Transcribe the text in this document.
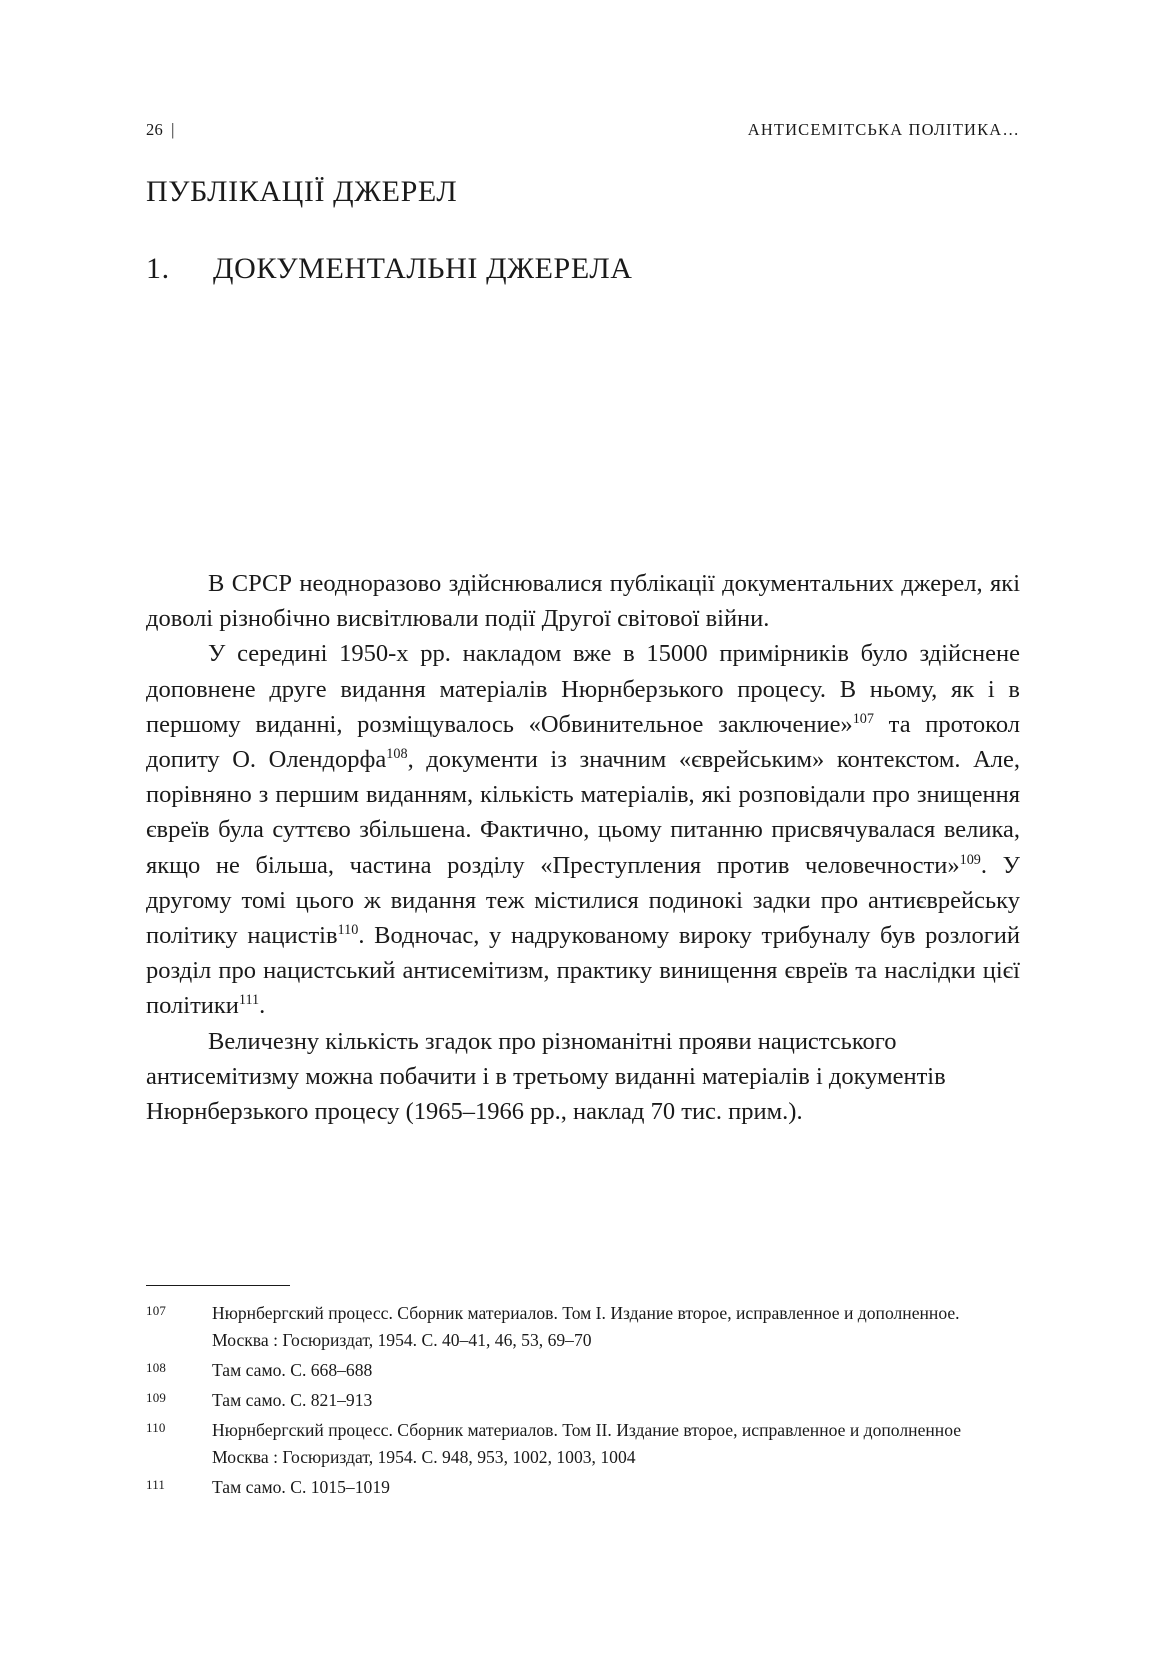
26 |	АНТИСЕМІТСЬКА ПОЛІТИКА…
ПУБЛІКАЦІЇ ДЖЕРЕЛ
1.	ДОКУМЕНТАЛЬНІ ДЖЕРЕЛА

В СРСР неодноразово здійснювалися публікації документальних джерел, які доволі різнобічно висвітлювали події Другої світової війни.

У середині 1950-х рр. накладом вже в 15000 примірників було здійснене доповнене друге видання матеріалів Нюрнберзького процесу. В ньому, як і в першому виданні, розміщувалось «Обвинительное заключение»$^{107}$ та протокол допиту О. Олендорфа$^{108}$, документи із значним «єврейським» контекстом. Але, порівняно з першим виданням, кількість матеріалів, які розповідали про знищення євреїв була суттєво збільшена. Фактично, цьому питанню присвячувалася велика, якщо не більша, частина розділу «Преступления против человечности»$^{109}$. У другому томі цього ж видання теж містилися подинокі задки про антиєврейську політику нацистів$^{110}$. Водночас, у надрукованому вироку трибуналу був розлогий розділ про нацистський антисемітизм, практику винищення євреїв та наслідки цієї політики$^{111}$.

Величезну кількість згадок про різноманітні прояви нацистського антисемітизму можна побачити і в третьому виданні матеріалів і документів Нюрнберзького процесу (1965–1966 рр., наклад 70 тис. прим.).

107	Нюрнбергский процесс. Сборник материалов. Том I. Издание второе, исправленное и дополненное. Москва : Госюриздат, 1954. С. 40–41, 46, 53, 69–70
108	Там само. С. 668–688
109	Там само. С. 821–913
110	Нюрнбергский процесс. Сборник материалов. Том II. Издание второе, исправленное и дополненное Москва : Госюриздат, 1954. С. 948, 953, 1002, 1003, 1004
111	Там само. С. 1015–1019
